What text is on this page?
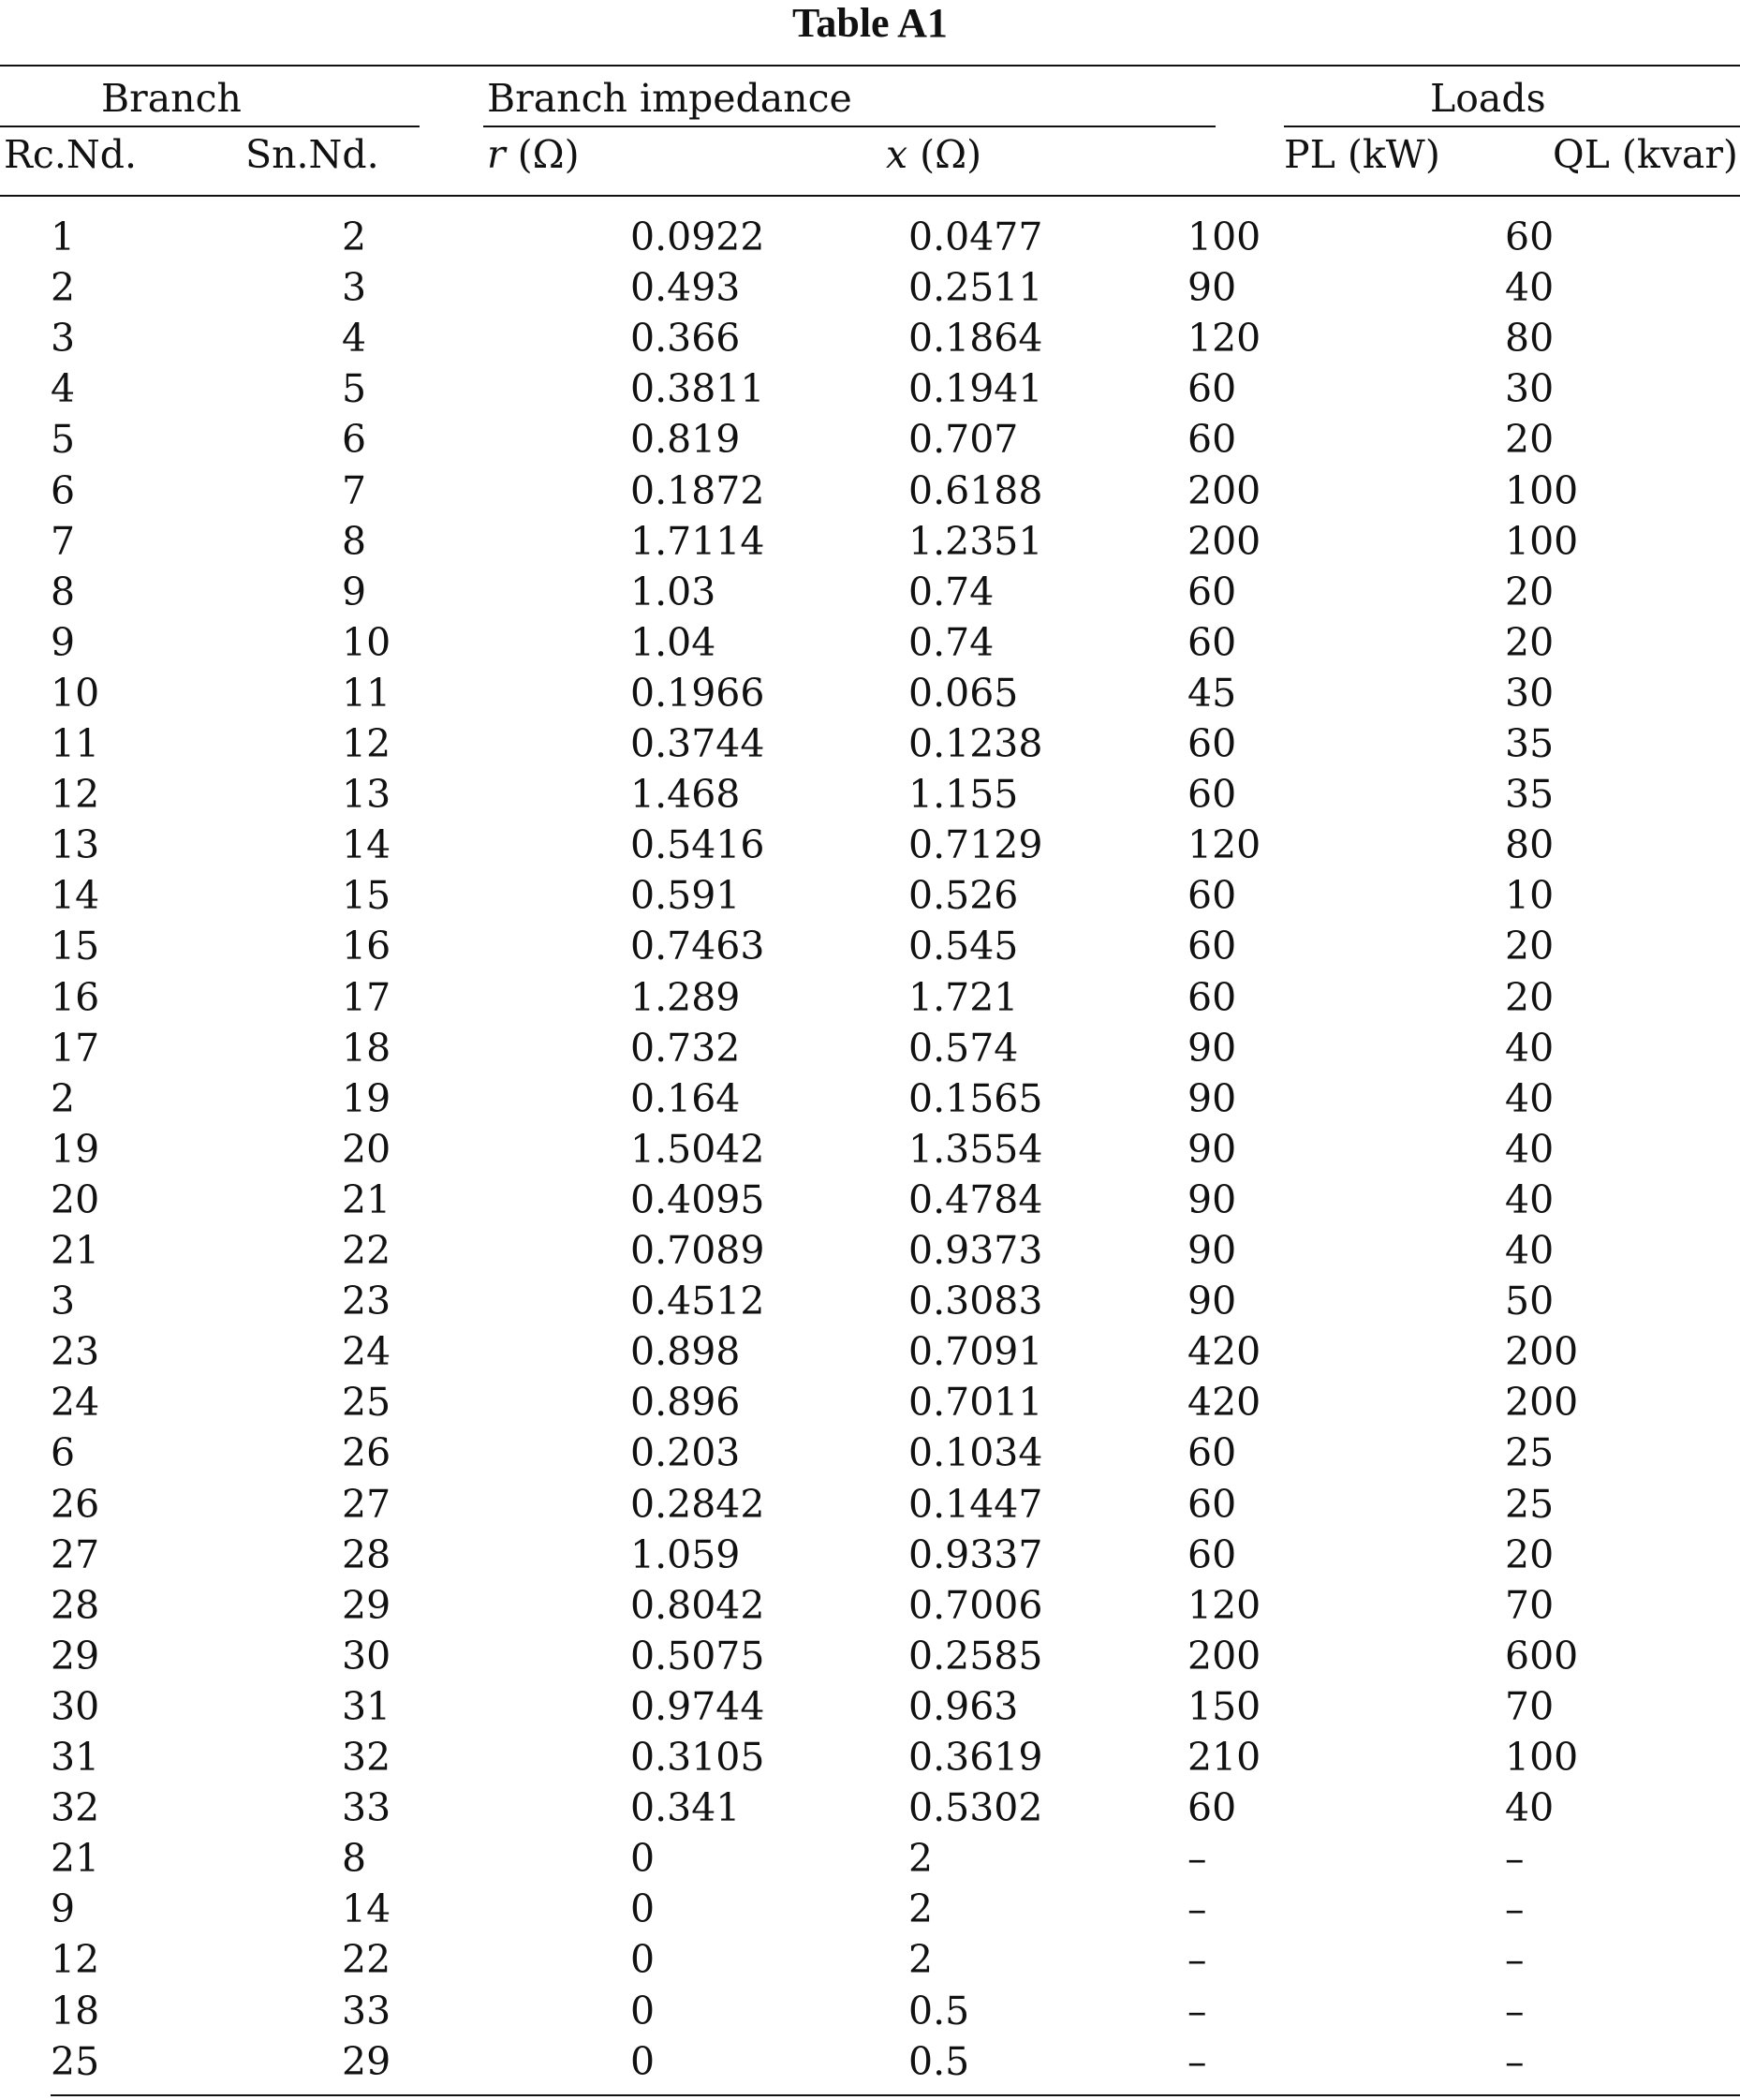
Table A1
Branch	Branch impedance	Loads
Rc.Nd.	Sn.Nd.	r (Ω)	x (Ω)	PL (kW)	QL (kvar)
1	2	0.0922	0.0477	100	60
2	3	0.493	0.2511	90	40
3	4	0.366	0.1864	120	80
4	5	0.3811	0.1941	60	30
5	6	0.819	0.707	60	20
6	7	0.1872	0.6188	200	100
7	8	1.7114	1.2351	200	100
8	9	1.03	0.74	60	20
9	10	1.04	0.74	60	20
10	11	0.1966	0.065	45	30
11	12	0.3744	0.1238	60	35
12	13	1.468	1.155	60	35
13	14	0.5416	0.7129	120	80
14	15	0.591	0.526	60	10
15	16	0.7463	0.545	60	20
16	17	1.289	1.721	60	20
17	18	0.732	0.574	90	40
2	19	0.164	0.1565	90	40
19	20	1.5042	1.3554	90	40
20	21	0.4095	0.4784	90	40
21	22	0.7089	0.9373	90	40
3	23	0.4512	0.3083	90	50
23	24	0.898	0.7091	420	200
24	25	0.896	0.7011	420	200
6	26	0.203	0.1034	60	25
26	27	0.2842	0.1447	60	25
27	28	1.059	0.9337	60	20
28	29	0.8042	0.7006	120	70
29	30	0.5075	0.2585	200	600
30	31	0.9744	0.963	150	70
31	32	0.3105	0.3619	210	100
32	33	0.341	0.5302	60	40
21	8	0	2	–	–
9	14	0	2	–	–
12	22	0	2	–	–
18	33	0	0.5	–	–
25	29	0	0.5	–	–
